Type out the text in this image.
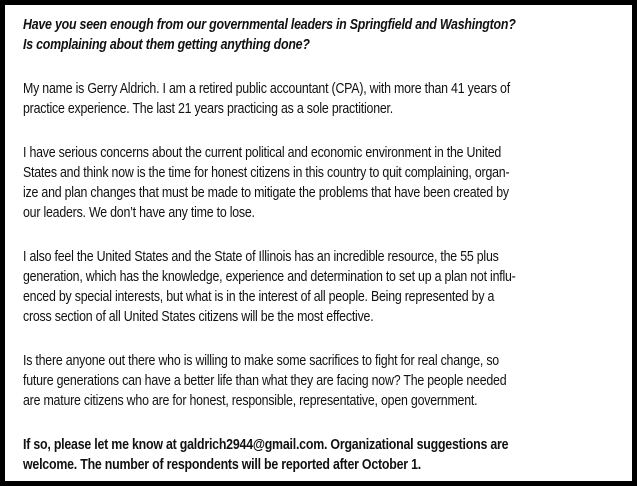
Have you seen enough from our governmental leaders in Springfield and Washington?
Is complaining about them getting anything done?
My name is Gerry Aldrich. I am a retired public accountant (CPA), with more than 41 years of
practice experience. The last 21 years practicing as a sole practitioner.
I have serious concerns about the current political and economic environment in the United
States and think now is the time for honest citizens in this country to quit complaining, organ-
ize and plan changes that must be made to mitigate the problems that have been created by
our leaders. We don’t have any time to lose.
I also feel the United States and the State of Illinois has an incredible resource, the 55 plus
generation, which has the knowledge, experience and determination to set up a plan not influ-
enced by special interests, but what is in the interest of all people. Being represented by a
cross section of all United States citizens will be the most effective.
Is there anyone out there who is willing to make some sacrifices to fight for real change, so
future generations can have a better life than what they are facing now? The people needed
are mature citizens who are for honest, responsible, representative, open government.
If so, please let me know at galdrich2944@gmail.com. Organizational suggestions are
welcome. The number of respondents will be reported after October 1.
